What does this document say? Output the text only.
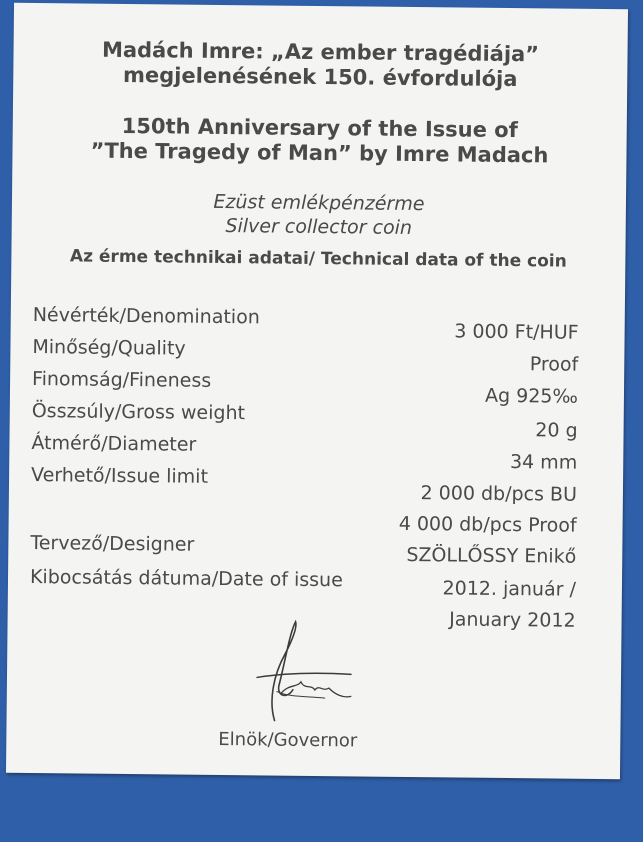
Madách Imre: „Az ember tragédiája”
megjelenésének 150. évfordulója
150th Anniversary of the Issue of
”The Tragedy of Man” by Imre Madach
Ezüst emlékpénzérme
Silver collector coin
Az érme technikai adatai/ Technical data of the coin
Névérték/Denomination
3 000 Ft/HUF
Minőség/Quality
Proof
Finomság/Fineness
Ag 925‰
Összsúly/Gross weight
20 g
Átmérő/Diameter
34 mm
Verhető/Issue limit
2 000 db/pcs BU
4 000 db/pcs Proof
Tervező/Designer
SZÖLLŐSSY Enikő
Kibocsátás dátuma/Date of issue	2012. január /
January 2012
Elnök/Governor
